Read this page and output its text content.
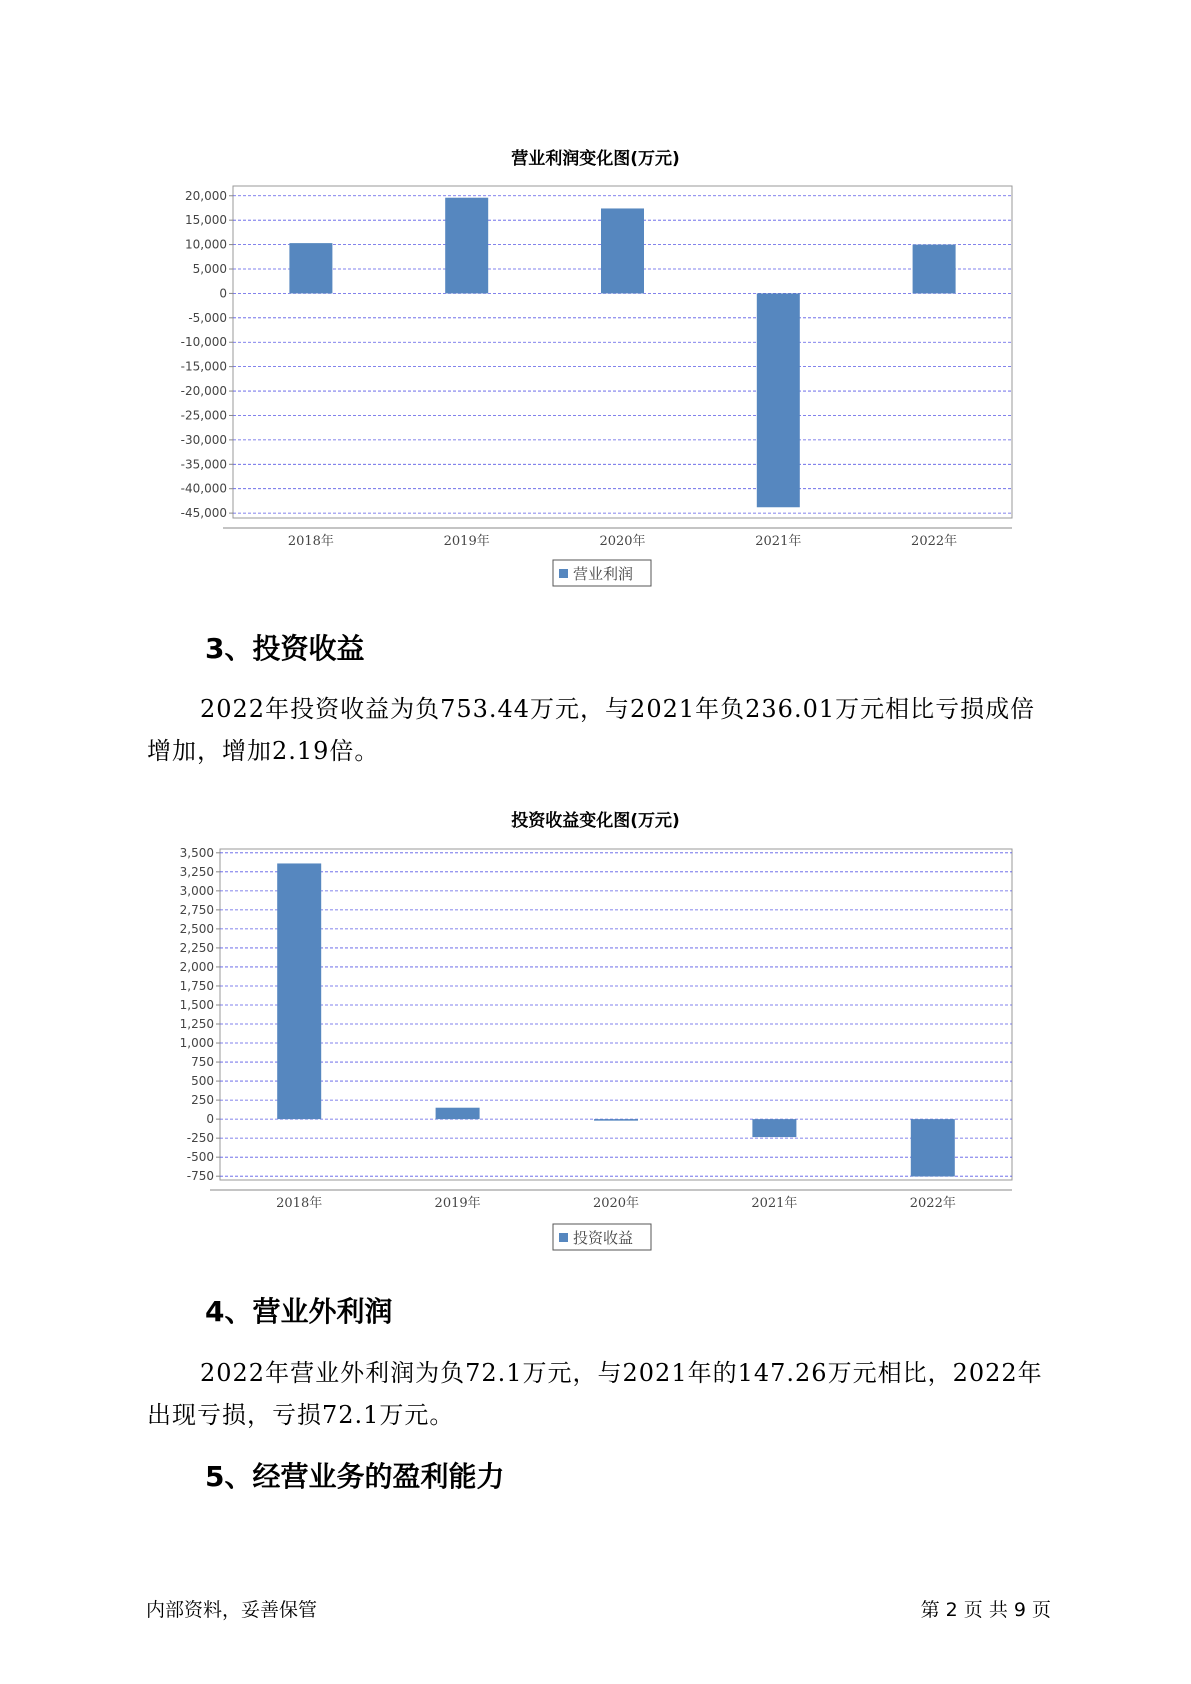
营业利润变化图(万元)
20,000
15,000
10,000
5,000
0
-5,000
-10,000
-15,000
-20,000
-25,000
-30,000
-35,000
-40,000
-45,000
2018年	2019年	2020年	2021年	2022年
营业利润
3、投资收益
2022年投资收益为负753.44万元，与2021年负236.01万元相比亏损成倍增加，增加2.19倍。
投资收益变化图(万元)
3,500
3,250
3,000
2,750
2,500
2,250
2,000
1,750
1,500
1,250
1,000
750
500
250
0
-250
-500
-750
2018年	2019年	2020年	2021年	2022年
投资收益
4、营业外利润
2022年营业外利润为负72.1万元，与2021年的147.26万元相比，2022年出现亏损，亏损72.1万元。
5、经营业务的盈利能力
内部资料，妥善保管	第 2 页 共 9 页
